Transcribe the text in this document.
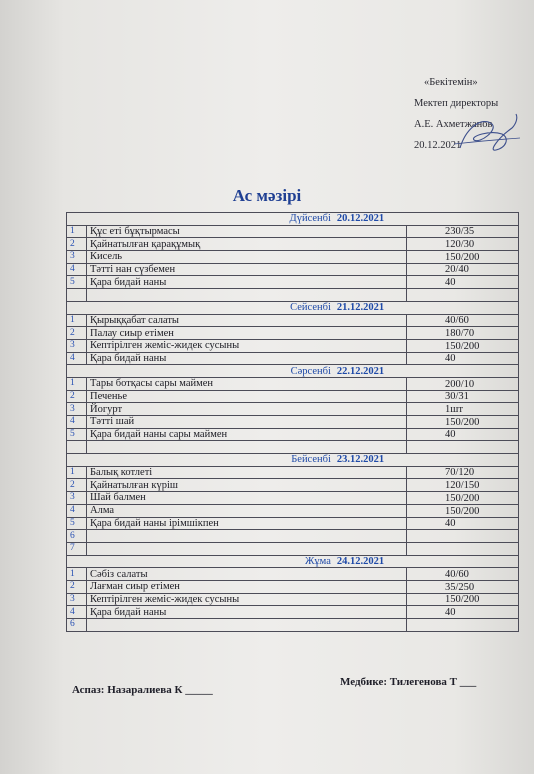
«Бекітемін»
Мектеп директоры
А.Е. Ахметжанов
20.12.2021
Ас мәзірі
Дүйсенбі 20.12.2021		
1	Құс еті бұқтырмасы	230/35
2	Қайнатылған қарақұмық	120/30
3	Кисель	150/200
4	Тәтті нан сүзбемен	20/40
5	Қара бидай наны	40

Сейсенбі 21.12.2021		
1	Қырыққабат салаты	40/60
2	Палау сиыр етімен	180/70
3	Кептірілген жеміс-жидек сусыны	150/200
4	Қара бидай наны	40
Сәрсенбі 22.12.2021		
1	Тары ботқасы сары маймен	200/10
2	Печенье	30/31
3	Йогурт	1шт
4	Тәтті шай	150/200
5	Қара бидай наны сары маймен	40

Бейсенбі 23.12.2021		
1	Балық котлеті	70/120
2	Қайнатылған күріш	120/150
3	Шай балмен	150/200
4	Алма	150/200
5	Қара бидай наны ірімшікпен	40
6		
7		
Жұма 24.12.2021		
1	Сәбіз салаты	40/60
2	Лағман сиыр етімен	35/250
3	Кептірілген жеміс-жидек сусыны	150/200
4	Қара бидай наны	40
6		
Аспаз: Назаралиева К _____
Медбике: Тилегенова Т ___
